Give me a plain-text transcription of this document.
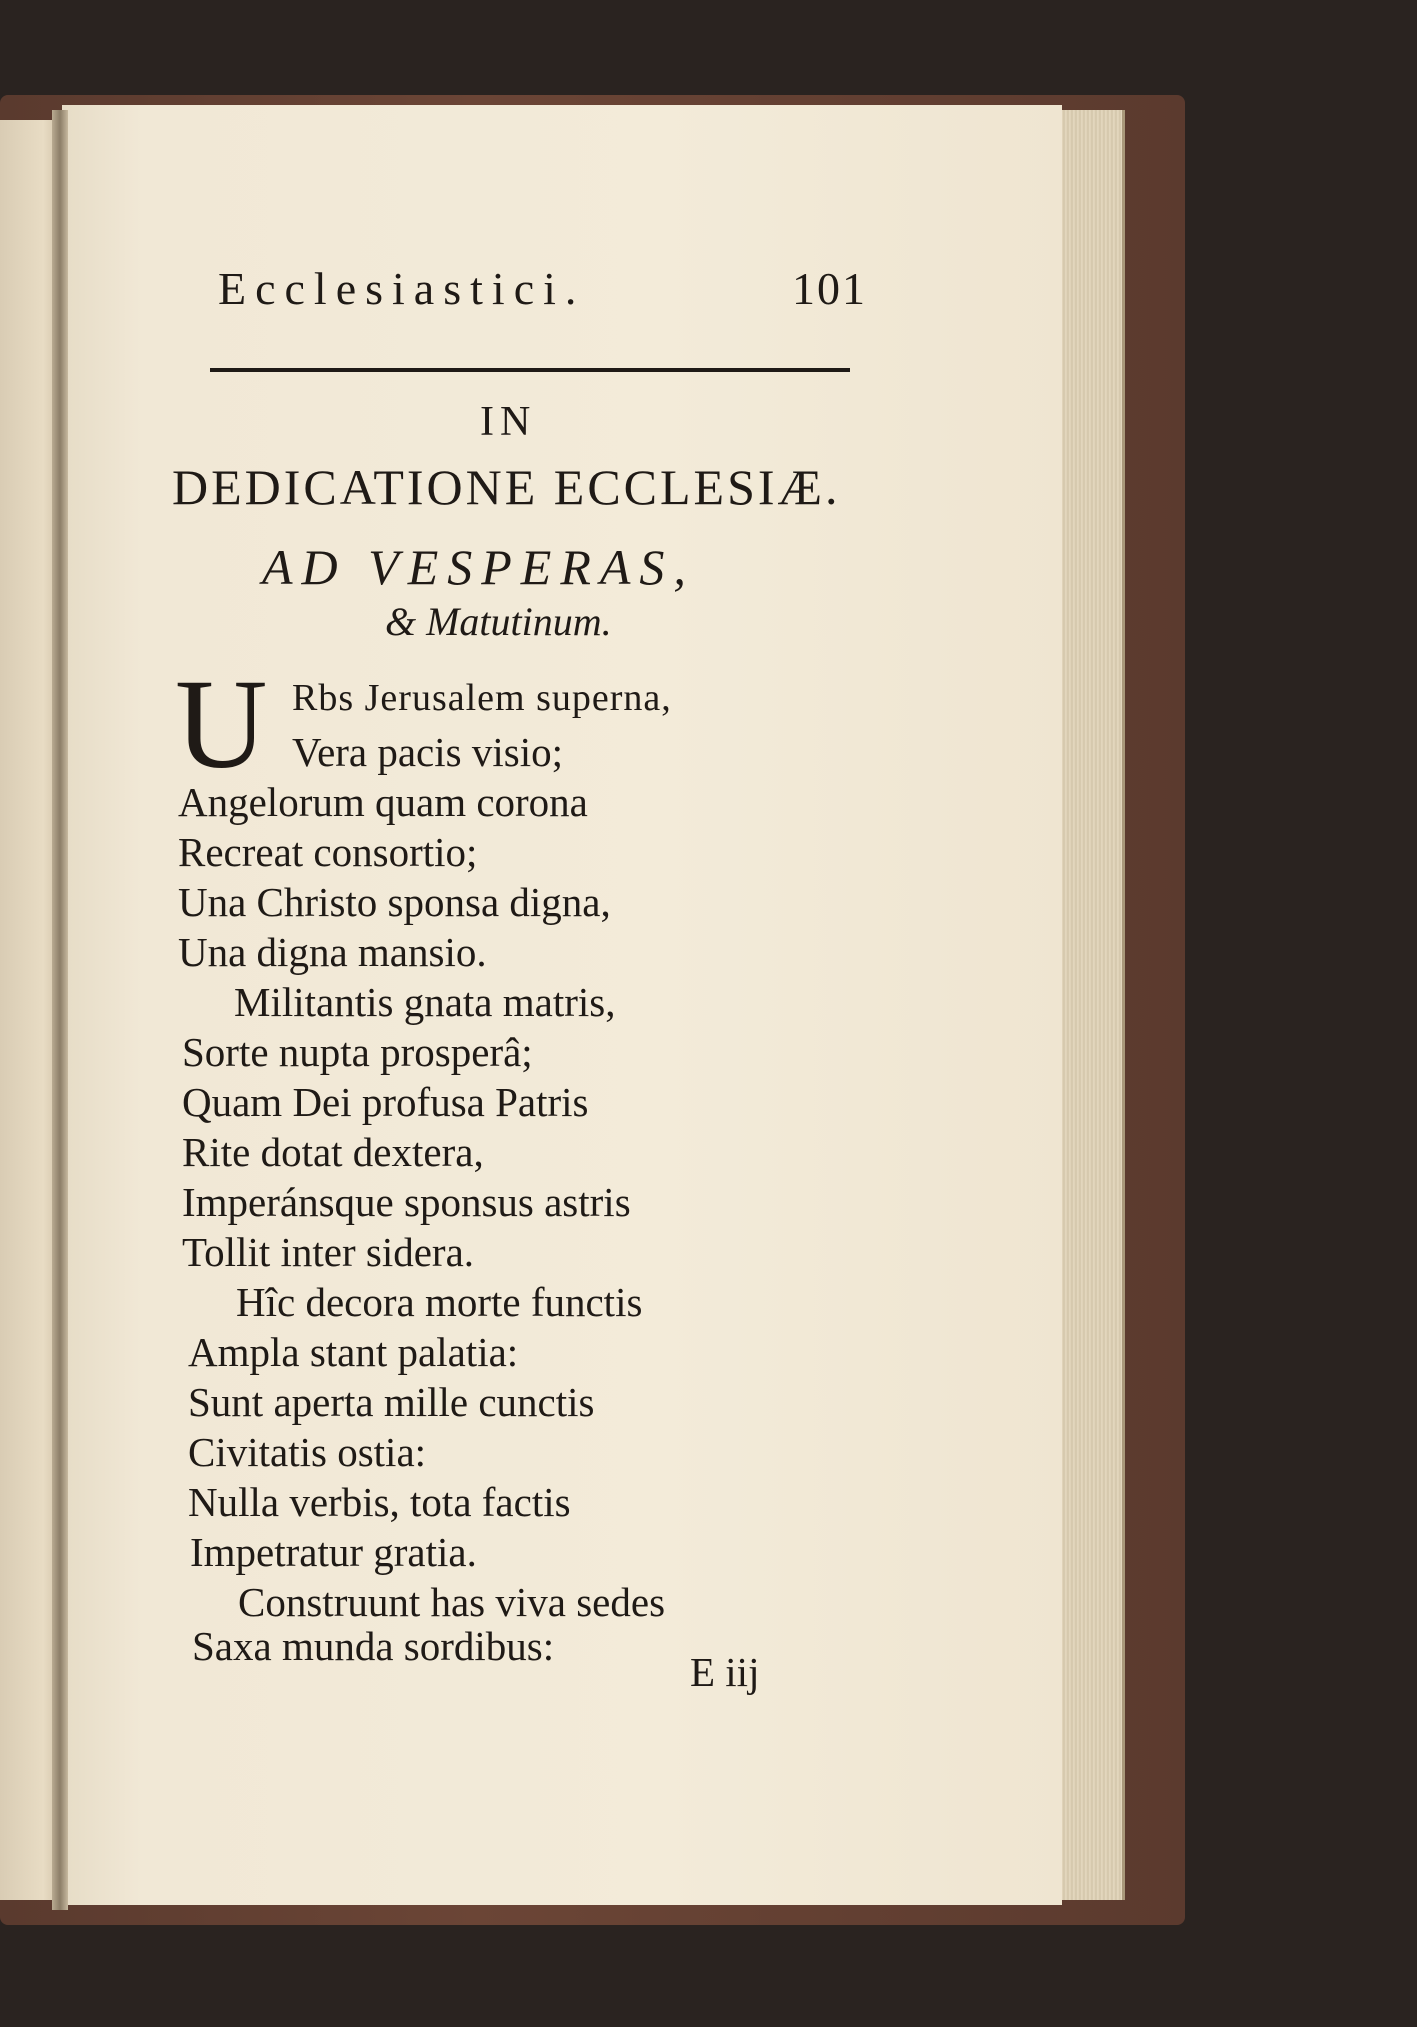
Ecclesiastici.	101
IN
DEDICATIONE ECCLESIÆ.
AD VESPERAS,
& Matutinum.
U Rbs Jerusalem superna,
Vera pacis visio;
Angelorum quam corona
Recreat consortio;
Una Christo sponsa digna,
Una digna mansio.
Militantis gnata matris,
Sorte nupta prosperâ;
Quam Dei profusa Patris
Rite dotat dextera,
Imperánsque sponsus astris
Tollit inter sidera.
Hîc decora morte functis
Ampla stant palatia:
Sunt aperta mille cunctis
Civitatis ostia:
Nulla verbis, tota factis
Impetratur gratia.
Construunt has viva sedes
Saxa munda sordibus:
E iij
